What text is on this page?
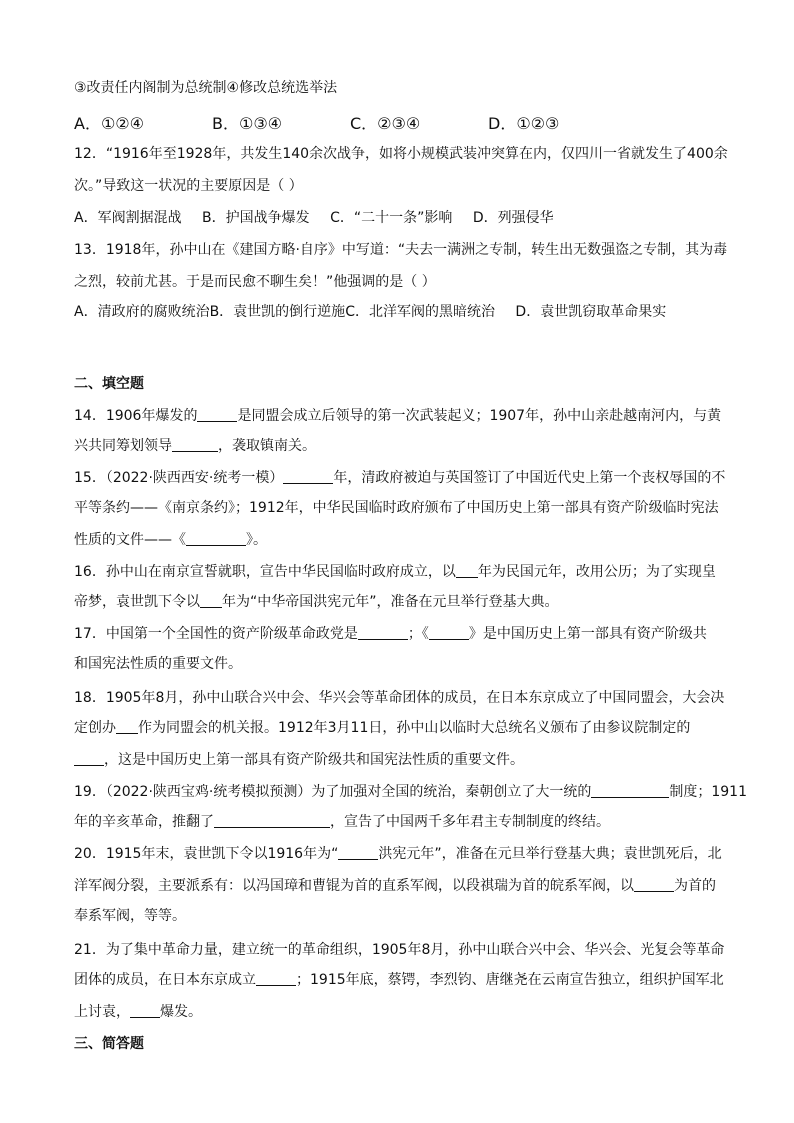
③改责任内阁制为总统制④修改总统选举法

A．①②④	B．①③④	C．②③④	D．①②③

12．“1916年至1928年，共发生140余次战争，如将小规模武装冲突算在内，仅四川一省就发生了400余

次。”导致这一状况的主要原因是（ ）

A．军阀割据混战 B．护国战争爆发 C．“二十一条”影响 D．列强侵华

13．1918年，孙中山在《建国方略·自序》中写道：“夫去一满洲之专制，转生出无数强盗之专制，其为毒

之烈，较前尤甚。于是而民愈不聊生矣！”他强调的是（ ）

A．清政府的腐败统治B．袁世凯的倒行逆施C．北洋军阀的黑暗统治 D．袁世凯窃取革命果实

二、填空题

14．1906年爆发的	是同盟会成立后领导的第一次武装起义；1907年，孙中山亲赴越南河内，与黄

兴共同筹划领导	，袭取镇南关。

15．（2022·陕西西安·统考一模）	年，清政府被迫与英国签订了中国近代史上第一个丧权辱国的不

平等条约——《南京条约》；1912年，中华民国临时政府颁布了中国历史上第一部具有资产阶级临时宪法

性质的文件——《	》。

16．孙中山在南京宣誓就职，宣告中华民国临时政府成立，以 年为民国元年，改用公历；为了实现皇

帝梦，袁世凯下令以 年为“中华帝国洪宪元年”，准备在元旦举行登基大典。

17．中国第一个全国性的资产阶级革命政党是	；《	》是中国历史上第一部具有资产阶级共

和国宪法性质的重要文件。

18．1905年8月，孙中山联合兴中会、华兴会等革命团体的成员，在日本东京成立了中国同盟会，大会决

定创办 作为同盟会的机关报。1912年3月11日，孙中山以临时大总统名义颁布了由参议院制定的

，这是中国历史上第一部具有资产阶级共和国宪法性质的重要文件。

19．（2022·陕西宝鸡·统考模拟预测）为了加强对全国的统治，秦朝创立了大一统的	制度；1911

年的辛亥革命，推翻了	，宣告了中国两千多年君主专制制度的终结。

20．1915年末，袁世凯下令以1916年为“	洪宪元年”，准备在元旦举行登基大典；袁世凯死后，北

洋军阀分裂，主要派系有：以冯国璋和曹锟为首的直系军阀，以段祺瑞为首的皖系军阀，以	为首的

奉系军阀，等等。

21．为了集中革命力量，建立统一的革命组织，1905年8月，孙中山联合兴中会、华兴会、光复会等革命

团体的成员，在日本东京成立	；1915年底，蔡锷，李烈钧、唐继尧在云南宣告独立，组织护国军北

上讨袁， 爆发。

三、简答题
